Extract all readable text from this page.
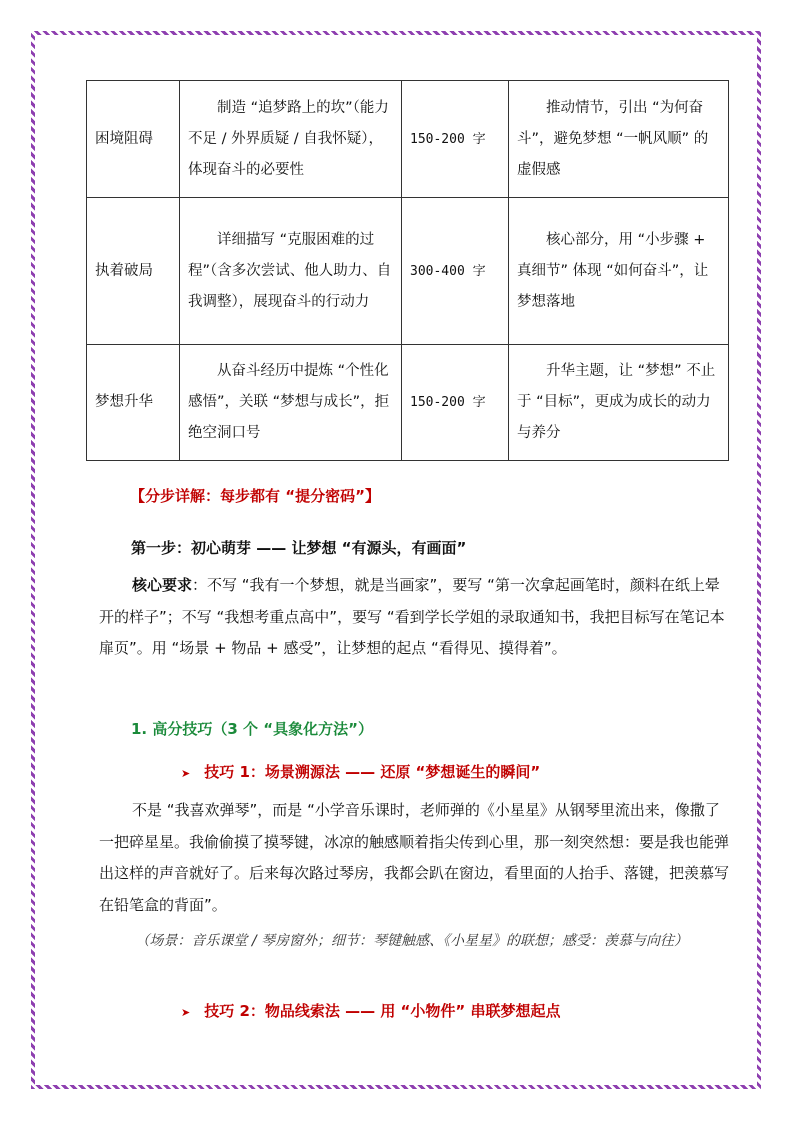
困境阻碍	制造 “追梦路上的坎”（能力不足 / 外界质疑 / 自我怀疑），体现奋斗的必要性	150-200 字	推动情节，引出 “为何奋斗”，避免梦想 “一帆风顺” 的虚假感
执着破局	详细描写 “克服困难的过程”（含多次尝试、他人助力、自我调整），展现奋斗的行动力	300-400 字	核心部分，用 “小步骤 + 真细节” 体现 “如何奋斗”，让梦想落地
梦想升华	从奋斗经历中提炼 “个性化感悟”，关联 “梦想与成长”，拒绝空洞口号	150-200 字	升华主题，让 “梦想” 不止于 “目标”，更成为成长的动力与养分
【分步详解：每步都有 “提分密码”】
第一步：初心萌芽 —— 让梦想 “有源头，有画面”
核心要求：不写 “我有一个梦想，就是当画家”，要写 “第一次拿起画笔时，颜料在纸上晕开的样子”；不写 “我想考重点高中”，要写 “看到学长学姐的录取通知书，我把目标写在笔记本扉页”。用 “场景 + 物品 + 感受”，让梦想的起点 “看得见、摸得着”。
1. 高分技巧（3 个 “具象化方法”）
➤ 技巧 1：场景溯源法 —— 还原 “梦想诞生的瞬间”
不是 “我喜欢弹琴”，而是 “小学音乐课时，老师弹的《小星星》从钢琴里流出来，像撒了一把碎星星。我偷偷摸了摸琴键，冰凉的触感顺着指尖传到心里，那一刻突然想：要是我也能弹出这样的声音就好了。后来每次路过琴房，我都会趴在窗边，看里面的人抬手、落键，把羡慕写在铅笔盒的背面”。
（场景：音乐课堂 / 琴房窗外；细节：琴键触感、《小星星》的联想；感受：羡慕与向往）
➤ 技巧 2：物品线索法 —— 用 “小物件” 串联梦想起点
